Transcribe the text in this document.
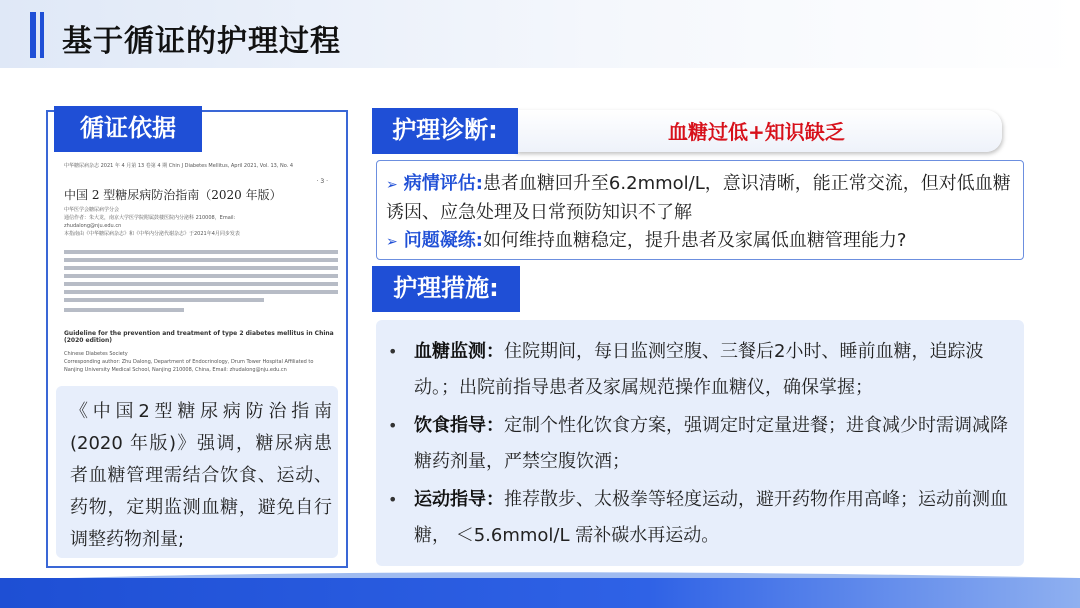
基于循证的护理过程
循证依据
中华糖尿病杂志 2021 年 4 月第 13 卷第 4 期 Chin J Diabetes Mellitus, April 2021, Vol. 13, No. 4
· 3 ·
中国 2 型糖尿病防治指南（2020 年版）
中华医学会糖尿病学分会
通信作者：朱大龙，南京大学医学院附属鼓楼医院内分泌科 210008，Email:
zhudalong@nju.edu.cn
本指南由《中华糖尿病杂志》和《中华内分泌代谢杂志》于2021年4月同步发表
Guideline for the prevention and treatment of type 2 diabetes mellitus in China (2020 edition)
Chinese Diabetes Society
Corresponding author: Zhu Dalong, Department of Endocrinology, Drum Tower Hospital Affiliated to
Nanjing University Medical School, Nanjing 210008, China, Email: zhudalong@nju.edu.cn
《中国2型糖尿病防治指南(2020 年版)》强调，糖尿病患者血糖管理需结合饮食、运动、药物，定期监测血糖，避免自行调整药物剂量;
护理诊断:	血糖过低+知识缺乏
➢ 病情评估:患者血糖回升至6.2mmol/L，意识清晰，能正常交流，但对低血糖诱因、应急处理及日常预防知识不了解
➢ 问题凝练:如何维持血糖稳定，提升患者及家属低血糖管理能力?
护理措施:
• 血糖监测：住院期间，每日监测空腹、三餐后2小时、睡前血糖，追踪波动。；出院前指导患者及家属规范操作血糖仪，确保掌握；
• 饮食指导：定制个性化饮食方案，强调定时定量进餐；进食减少时需调减降糖药剂量，严禁空腹饮酒；
• 运动指导：推荐散步、太极拳等轻度运动，避开药物作用高峰；运动前测血糖， ＜5.6mmol/L 需补碳水再运动。
